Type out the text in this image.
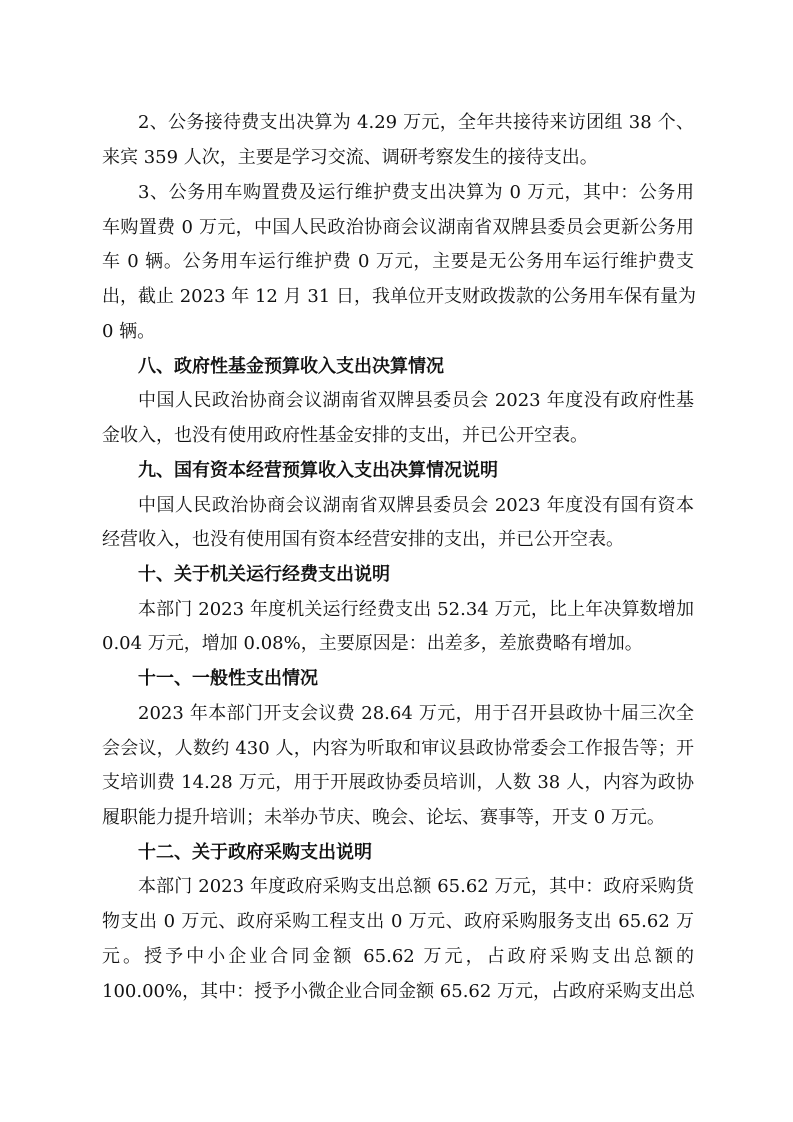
2、公务接待费支出决算为 4.29 万元，全年共接待来访团组 38 个、
来宾 359 人次，主要是学习交流、调研考察发生的接待支出。
3、公务用车购置费及运行维护费支出决算为 0 万元，其中：公务用
车购置费 0 万元，中国人民政治协商会议湖南省双牌县委员会更新公务用
车 0 辆。公务用车运行维护费 0 万元，主要是无公务用车运行维护费支
出，截止 2023 年 12 月 31 日，我单位开支财政拨款的公务用车保有量为
0 辆。
八、政府性基金预算收入支出决算情况
中国人民政治协商会议湖南省双牌县委员会 2023 年度没有政府性基
金收入，也没有使用政府性基金安排的支出，并已公开空表。
九、国有资本经营预算收入支出决算情况说明
中国人民政治协商会议湖南省双牌县委员会 2023 年度没有国有资本
经营收入，也没有使用国有资本经营安排的支出，并已公开空表。
十、关于机关运行经费支出说明
本部门 2023 年度机关运行经费支出 52.34 万元，比上年决算数增加
0.04 万元，增加 0.08%，主要原因是：出差多，差旅费略有增加。
十一、一般性支出情况
2023 年本部门开支会议费 28.64 万元，用于召开县政协十届三次全
会会议，人数约 430 人，内容为听取和审议县政协常委会工作报告等；开
支培训费 14.28 万元，用于开展政协委员培训，人数 38 人，内容为政协
履职能力提升培训；未举办节庆、晚会、论坛、赛事等，开支 0 万元。
十二、关于政府采购支出说明
本部门 2023 年度政府采购支出总额 65.62 万元，其中：政府采购货
物支出 0 万元、政府采购工程支出 0 万元、政府采购服务支出 65.62 万
元。授予中小企业合同金额 65.62 万元，占政府采购支出总额的
100.00%，其中：授予小微企业合同金额 65.62 万元，占政府采购支出总
